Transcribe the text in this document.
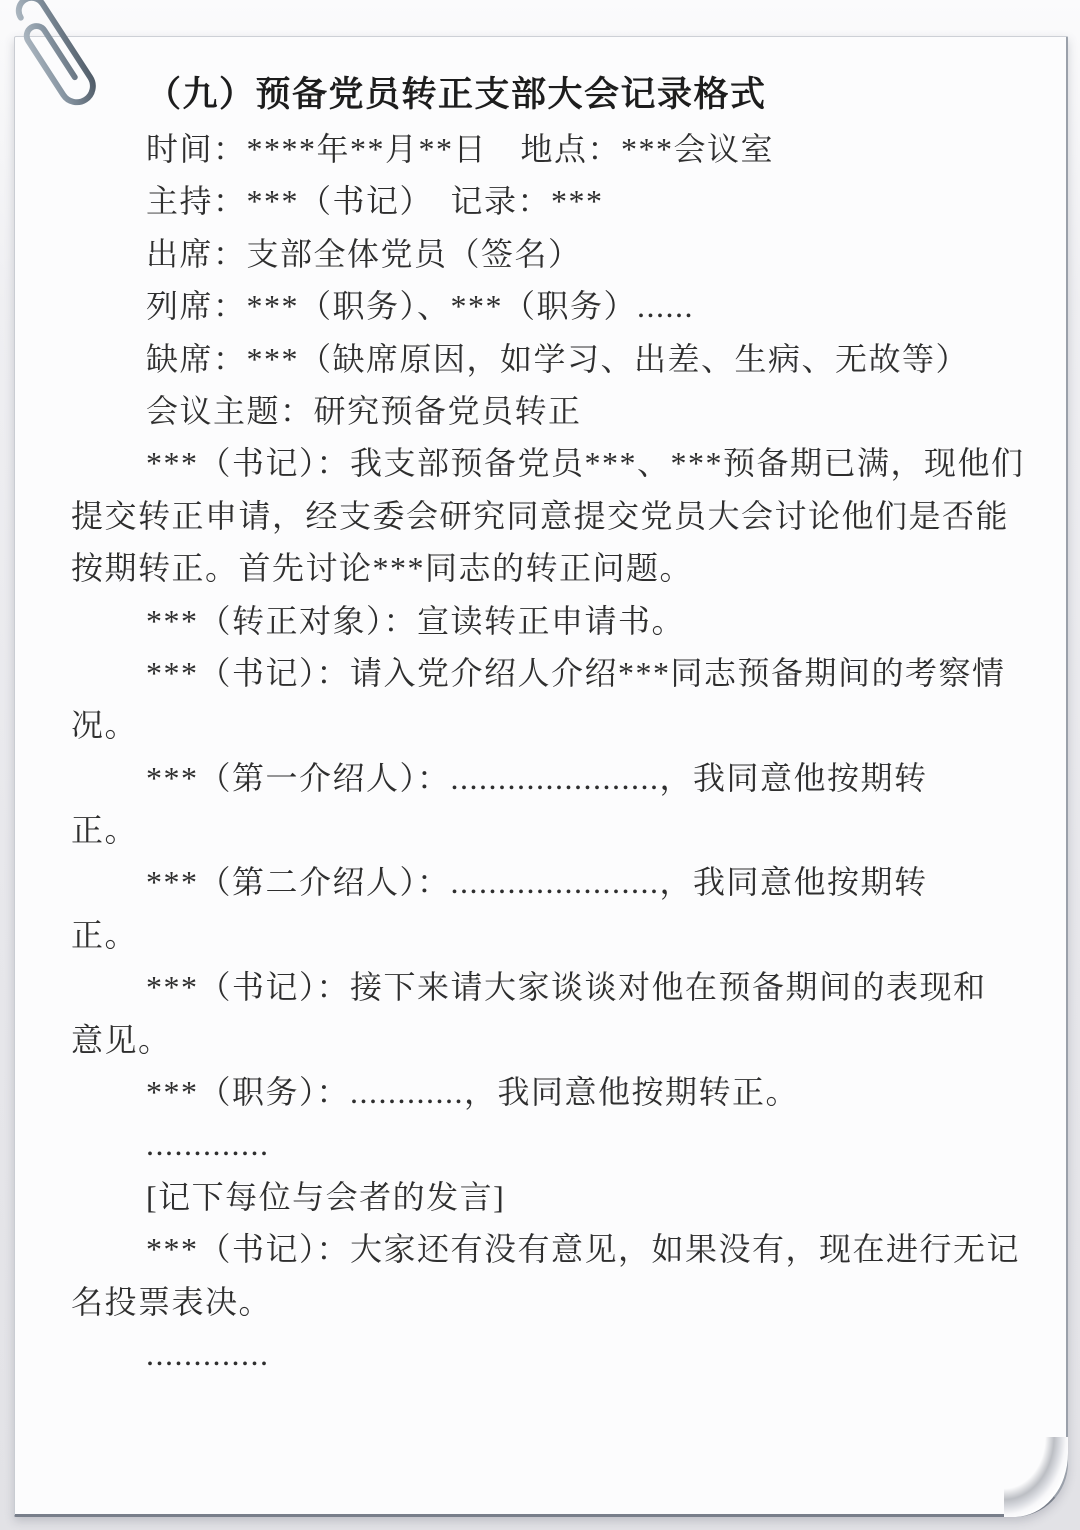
（九）预备党员转正支部大会记录格式
时间：****年**月**日　地点：***会议室
主持：***（书记）　记录：***
出席：支部全体党员（签名）
列席：***（职务）、***（职务）......
缺席：***（缺席原因，如学习、出差、生病、无故等）
会议主题：研究预备党员转正
***（书记）：我支部预备党员***、***预备期已满，现他们
提交转正申请，经支委会研究同意提交党员大会讨论他们是否能
按期转正。首先讨论***同志的转正问题。
***（转正对象）：宣读转正申请书。
***（书记）：请入党介绍人介绍***同志预备期间的考察情
况。
***（第一介绍人）：......................，我同意他按期转
正。
***（第二介绍人）：......................，我同意他按期转
正。
***（书记）：接下来请大家谈谈对他在预备期间的表现和
意见。
***（职务）：............，我同意他按期转正。
.............
[记下每位与会者的发言]
***（书记）：大家还有没有意见，如果没有，现在进行无记
名投票表决。
.............
